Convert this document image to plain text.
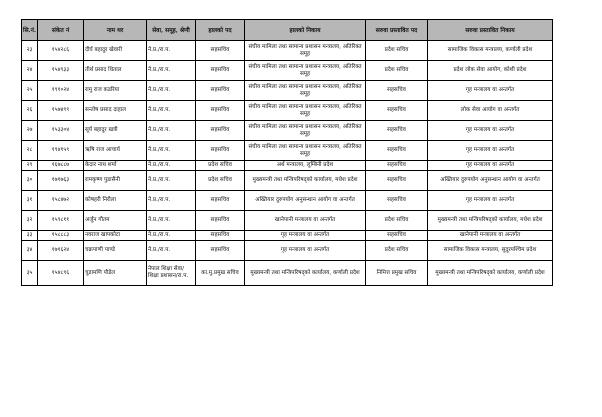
सि.नं.	संकेत नं	नाम थर	सेवा, समूह, श्रेणी	हालको पद	हालको निकाय	सरुवा प्रस्तावित पद	सरुवा प्रस्तावित निकाय
२३	१५४२८६	दीर्घ बहादुर खेवारी	ने.प्र./रा.प.	सहसचिव	संघीय मामिला तथा सामान्य प्रशासन मन्त्रालय, अतिरिक्त समूह	प्रदेश सचिव	सामाजिक विकास मन्त्रालय, कर्णाली प्रदेश
२४	१५४९३३	तीर्थ प्रसाद धिताल	ने.प्र./रा.प.	सहसचिव	संघीय मामिला तथा सामान्य प्रशासन मन्त्रालय, अतिरिक्त समूह	प्रदेश सचिव	प्रदेश लोक सेवा आयोग, कोशी प्रदेश
२५	१९१०२४	रामु राज कडरिया	ने.प्र./रा.प.	सहसचिव	संघीय मामिला तथा सामान्य प्रशासन मन्त्रालय, अतिरिक्त समूह	सहसचिव	गृह मन्त्रालय वा अन्तर्गत
२६	१५७४९९	सन्तोष प्रसाद दाहाल	ने.प्र./रा.प.	सहसचिव	संघीय मामिला तथा सामान्य प्रशासन मन्त्रालय, अतिरिक्त समूह	सहसचिव	लोक सेवा आयोग वा अन्तर्गत
२७	१५३३०४	सूर्य बहादुर खत्री	ने.प्र./रा.प.	सहसचिव	संघीय मामिला तथा सामान्य प्रशासन मन्त्रालय, अतिरिक्त समूह	सहसचिव	गृह मन्त्रालय वा अन्तर्गत
२८	१९४१५९	ऋषि राज आचार्य	ने.प्र./रा.प.	सहसचिव	संघीय मामिला तथा सामान्य प्रशासन मन्त्रालय, अतिरिक्त समूह	सहसचिव	गृह मन्त्रालय वा अन्तर्गत
२९	१६७८८७	केदार नाथ शर्मा	ने.प्र./रा.प.	प्रदेश सचिव	अर्थ मन्त्रालय, लुम्बिनी प्रदेश	सहसचिव	गृह मन्त्रालय वा अन्तर्गत
३०	१७१७६३	रामकृष्ण पुडासैनी	ने.प्र./रा.प.	प्रदेश सचिव	मुख्यमन्त्री तथा मन्त्रिपरिषद्को कार्यालय, मधेश प्रदेश	सहसचिव	अख्तियार दुरुपयोग अनुसन्धान आयोग वा अन्तर्गत
३१	१५८४७२	कोषहरी निरौला	ने.प्र./रा.प.	सहसचिव	अख्तियार दुरुपयोग अनुसन्धान आयोग वा अन्तर्गत	सहसचिव	गृह मन्त्रालय वा अन्तर्गत
३२	१५९८११	अर्जुन गौतम	ने.प्र./रा.प.	सहसचिव	खानेपानी मन्त्रालय वा अन्तर्गत	प्रदेश सचिव	मुख्यमन्त्री तथा मन्त्रिपरिषद्को कार्यालय, मधेश प्रदेश
३३	१५८८८३	नवराज खापकोटा	ने.प्र./रा.प.	सहसचिव	गृह मन्त्रालय वा अन्तर्गत	सहसचिव	खानेपानी मन्त्रालय वा अन्तर्गत
३४	१७१६२४	चक्रपाणी पाण्डे	ने.प्र./रा.प.	सहसचिव	गृह मन्त्रालय वा अन्तर्गत	प्रदेश सचिव	सामाजिक विकास मन्त्रालय, सुदूरपश्चिम प्रदेश
३५	१५४८९६	चुडामणि पौडेल	नेपाल शिक्षा सेवा/ शिक्षा प्रशासन/रा.प.	का.मु.प्रमुख सचिव	मुख्यमन्त्री तथा मन्त्रिपरिषद्को कार्यालय, कर्णाली प्रदेश	निमित्त प्रमुख सचिव	मुख्यमन्त्री तथा मन्त्रिपरिषद्को कार्यालय, कर्णाली प्रदेश
